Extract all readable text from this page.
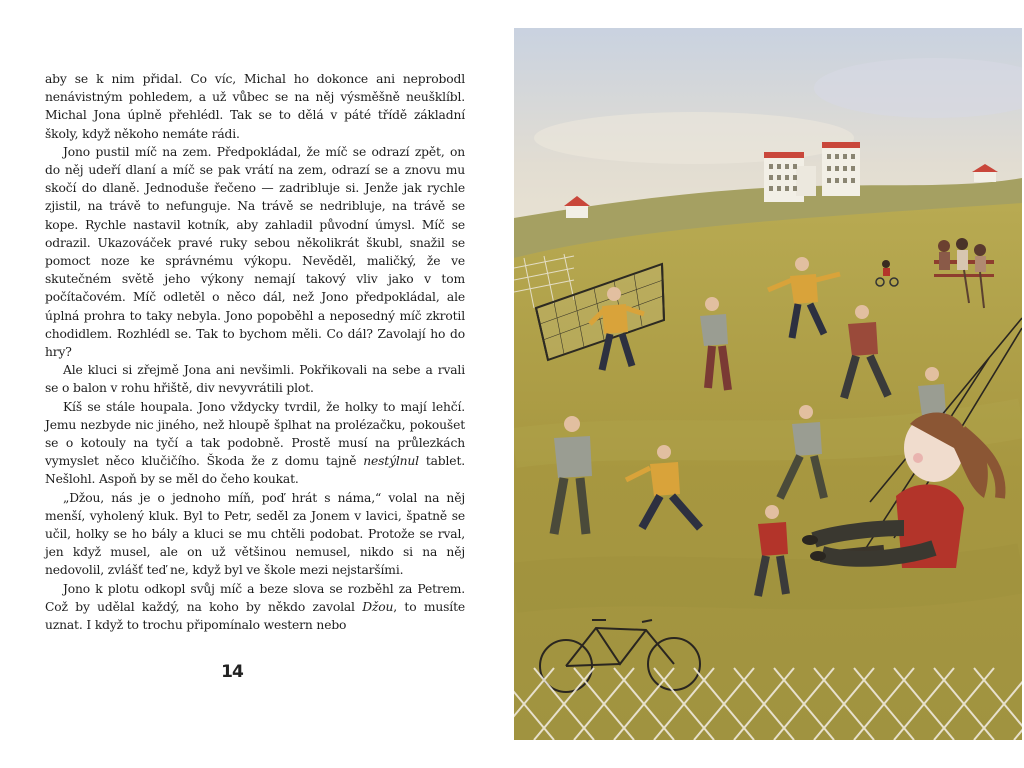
aby se k nim přidal. Co víc, Michal ho dokonce ani neprobodl nenávistným pohledem, a už vůbec se na něj výsměšně neušklíbl. Michal Jona úplně přehlédl. Tak se to dělá v páté třídě základní školy, když někoho nemáte rádi.

Jono pustil míč na zem. Předpokládal, že míč se odrazí zpět, on do něj udeří dlaní a míč se pak vrátí na zem, odrazí se a znovu mu skočí do dlaně. Jednoduše řečeno — zadribluje si. Jenže jak rychle zjistil, na trávě to nefunguje. Na trávě se nedribluje, na trávě se kope. Rychle nastavil kotník, aby zahladil původní úmysl. Míč se odrazil. Ukazováček pravé ruky sebou několikrát škubl, snažil se pomoct noze ke správnému výkopu. Nevěděl, maličký, že ve skutečném světě jeho výkony nemají takový vliv jako v tom počítačovém. Míč odletěl o něco dál, než Jono předpokládal, ale úplná prohra to taky nebyla. Jono popoběhl a neposedný míč zkrotil chodidlem. Rozhlédl se. Tak to bychom měli. Co dál? Zavolají ho do hry?

Ale kluci si zřejmě Jona ani nevšimli. Pokřikovali na sebe a rvali se o balon v rohu hřiště, div nevyvrátili plot.

Kíš se stále houpala. Jono vždycky tvrdil, že holky to mají lehčí. Jemu nezbyde nic jiného, než hloupě šplhat na prolézačku, pokoušet se o kotouly na tyčí a tak podobně. Prostě musí na průlezkách vymyslet něco klučičího. Škoda že z domu tajně nestýlnul tablet. Nešlohl. Aspoň by se měl do čeho koukat.

„Džou, nás je o jednoho míň, poď hrát s náma,“ volal na něj menší, vyholený kluk. Byl to Petr, seděl za Jonem v lavici, špatně se učil, holky se ho bály a kluci se mu chtěli podobat. Protože se rval, jen když musel, ale on už většinou nemusel, nikdo si na něj nedovolil, zvlášť teď ne, když byl ve škole mezi nejstaršími.

Jono k plotu odkopl svůj míč a beze slova se rozběhl za Petrem. Což by udělal každý, na koho by někdo zavolal Džou, to musíte uznat. I když to trochu připomínalo western nebo

14
